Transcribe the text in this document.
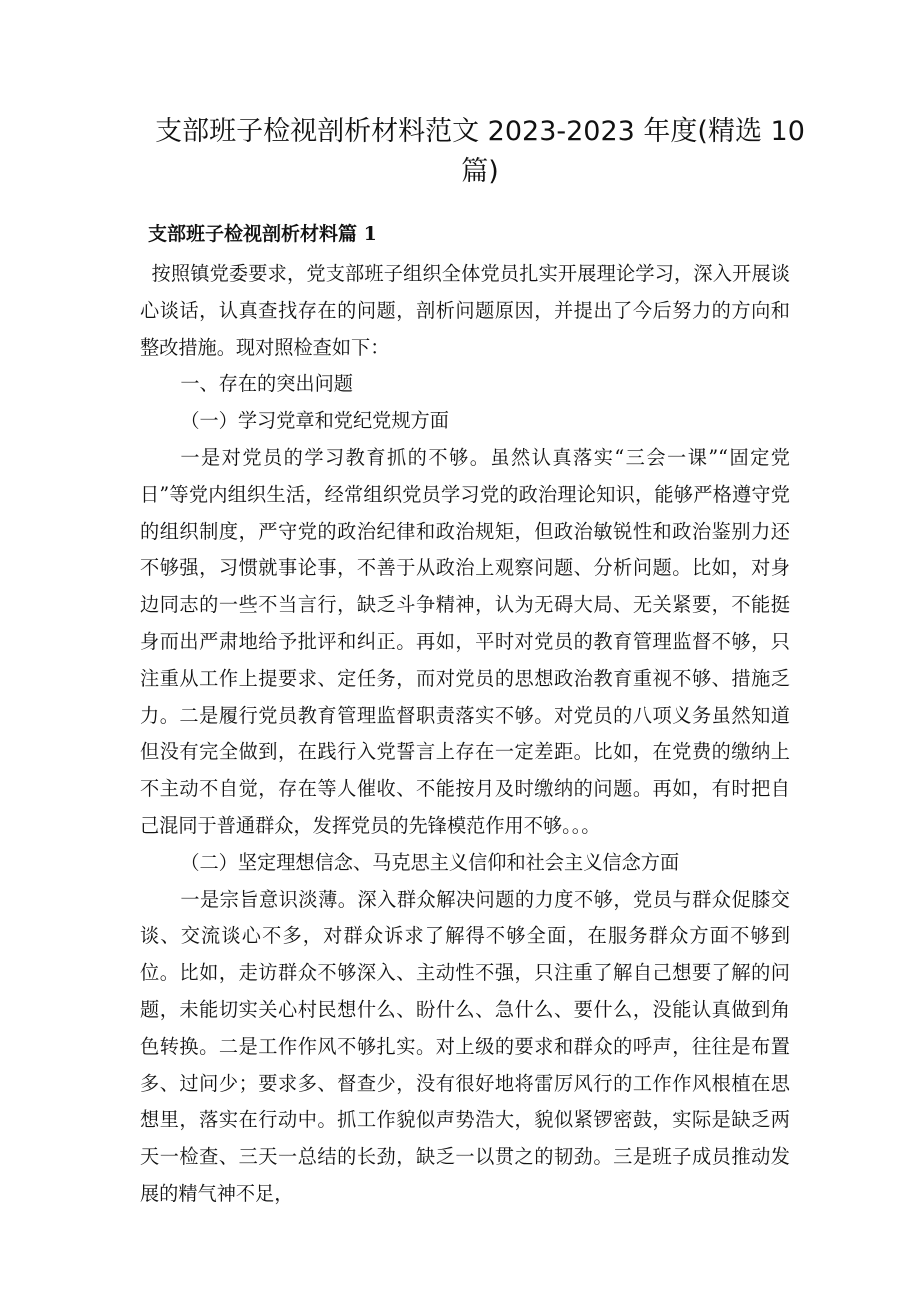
支部班子检视剖析材料范文 2023-2023 年度(精选 10 篇)
支部班子检视剖析材料篇 1

按照镇党委要求，党支部班子组织全体党员扎实开展理论学习，深入开展谈心谈话，认真查找存在的问题，剖析问题原因，并提出了今后努力的方向和整改措施。现对照检查如下：

一、存在的突出问题

（一）学习党章和党纪党规方面

一是对党员的学习教育抓的不够。虽然认真落实“三会一课”“固定党日”等党内组织生活，经常组织党员学习党的政治理论知识，能够严格遵守党的组织制度，严守党的政治纪律和政治规矩，但政治敏锐性和政治鉴别力还不够强，习惯就事论事，不善于从政治上观察问题、分析问题。比如，对身边同志的一些不当言行，缺乏斗争精神，认为无碍大局、无关紧要，不能挺身而出严肃地给予批评和纠正。再如，平时对党员的教育管理监督不够，只注重从工作上提要求、定任务，而对党员的思想政治教育重视不够、措施乏力。二是履行党员教育管理监督职责落实不够。对党员的八项义务虽然知道但没有完全做到，在践行入党誓言上存在一定差距。比如，在党费的缴纳上不主动不自觉，存在等人催收、不能按月及时缴纳的问题。再如，有时把自己混同于普通群众，发挥党员的先锋模范作用不够。。。

（二）坚定理想信念、马克思主义信仰和社会主义信念方面

一是宗旨意识淡薄。深入群众解决问题的力度不够，党员与群众促膝交谈、交流谈心不多，对群众诉求了解得不够全面，在服务群众方面不够到位。比如，走访群众不够深入、主动性不强，只注重了解自己想要了解的问题，未能切实关心村民想什么、盼什么、急什么、要什么，没能认真做到角色转换。二是工作作风不够扎实。对上级的要求和群众的呼声，往往是布置多、过问少；要求多、督查少，没有很好地将雷厉风行的工作作风根植在思想里，落实在行动中。抓工作貌似声势浩大，貌似紧锣密鼓，实际是缺乏两天一检查、三天一总结的长劲，缺乏一以贯之的韧劲。三是班子成员推动发展的精气神不足，
